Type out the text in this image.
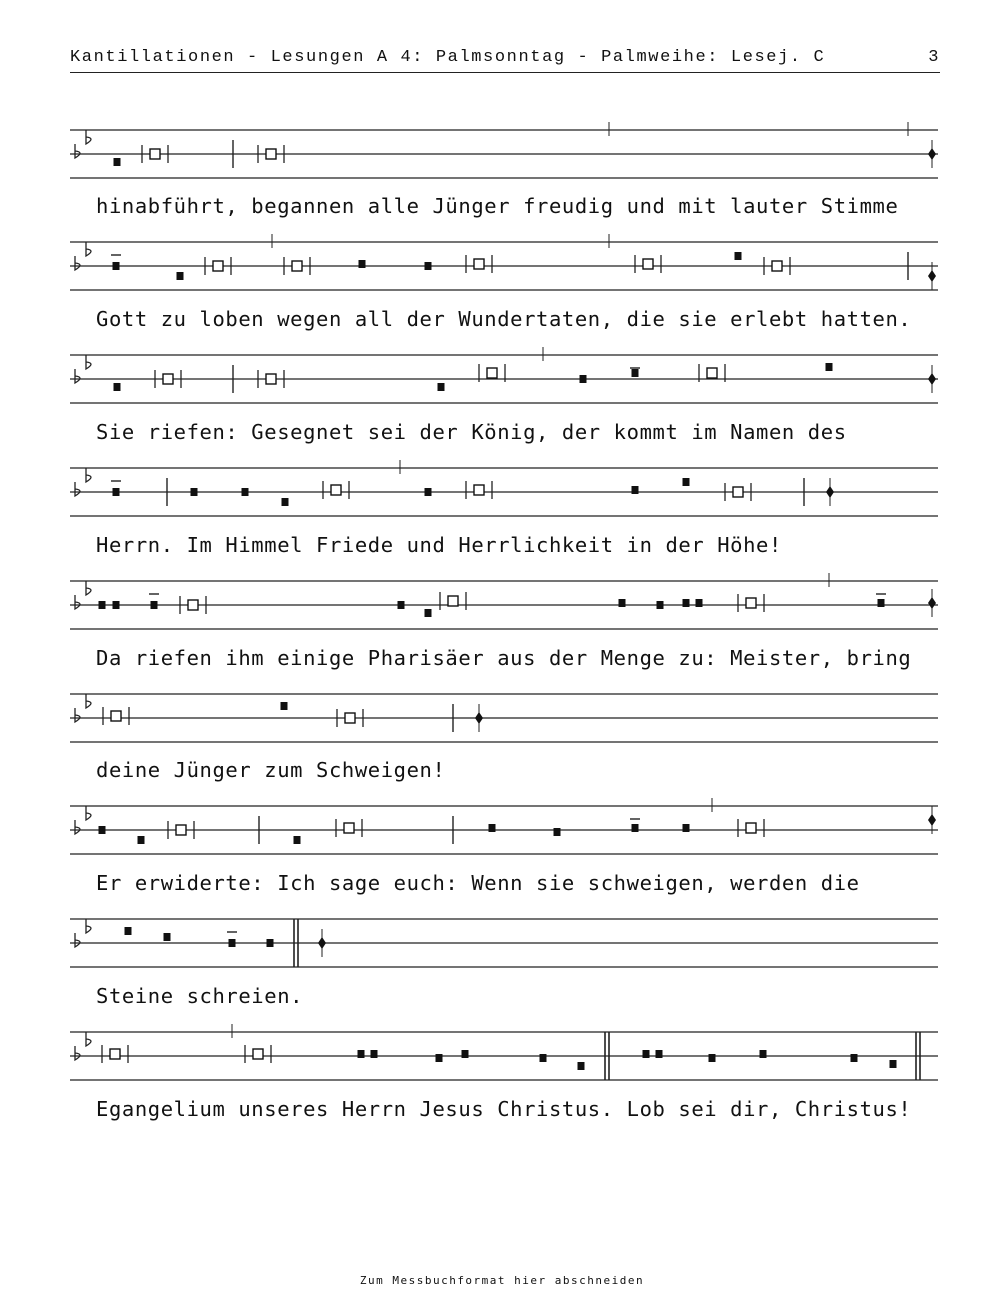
Kantillationen - Lesungen A 4: Palmsonntag - Palmweihe: Lesej. C	3
hinabführt, begannen alle Jünger freudig und mit lauter Stimme
Gott zu loben wegen all der Wundertaten, die sie erlebt hatten.
Sie riefen: Gesegnet sei der König, der kommt im Namen des
Herrn. Im Himmel Friede und Herrlichkeit in der Höhe!
Da riefen ihm einige Pharisäer aus der Menge zu: Meister, bring
deine Jünger zum Schweigen!
Er erwiderte: Ich sage euch: Wenn sie schweigen, werden die
Steine schreien.
Egangelium unseres Herrn Jesus Christus. Lob sei dir, Christus!
Zum Messbuchformat hier abschneiden
